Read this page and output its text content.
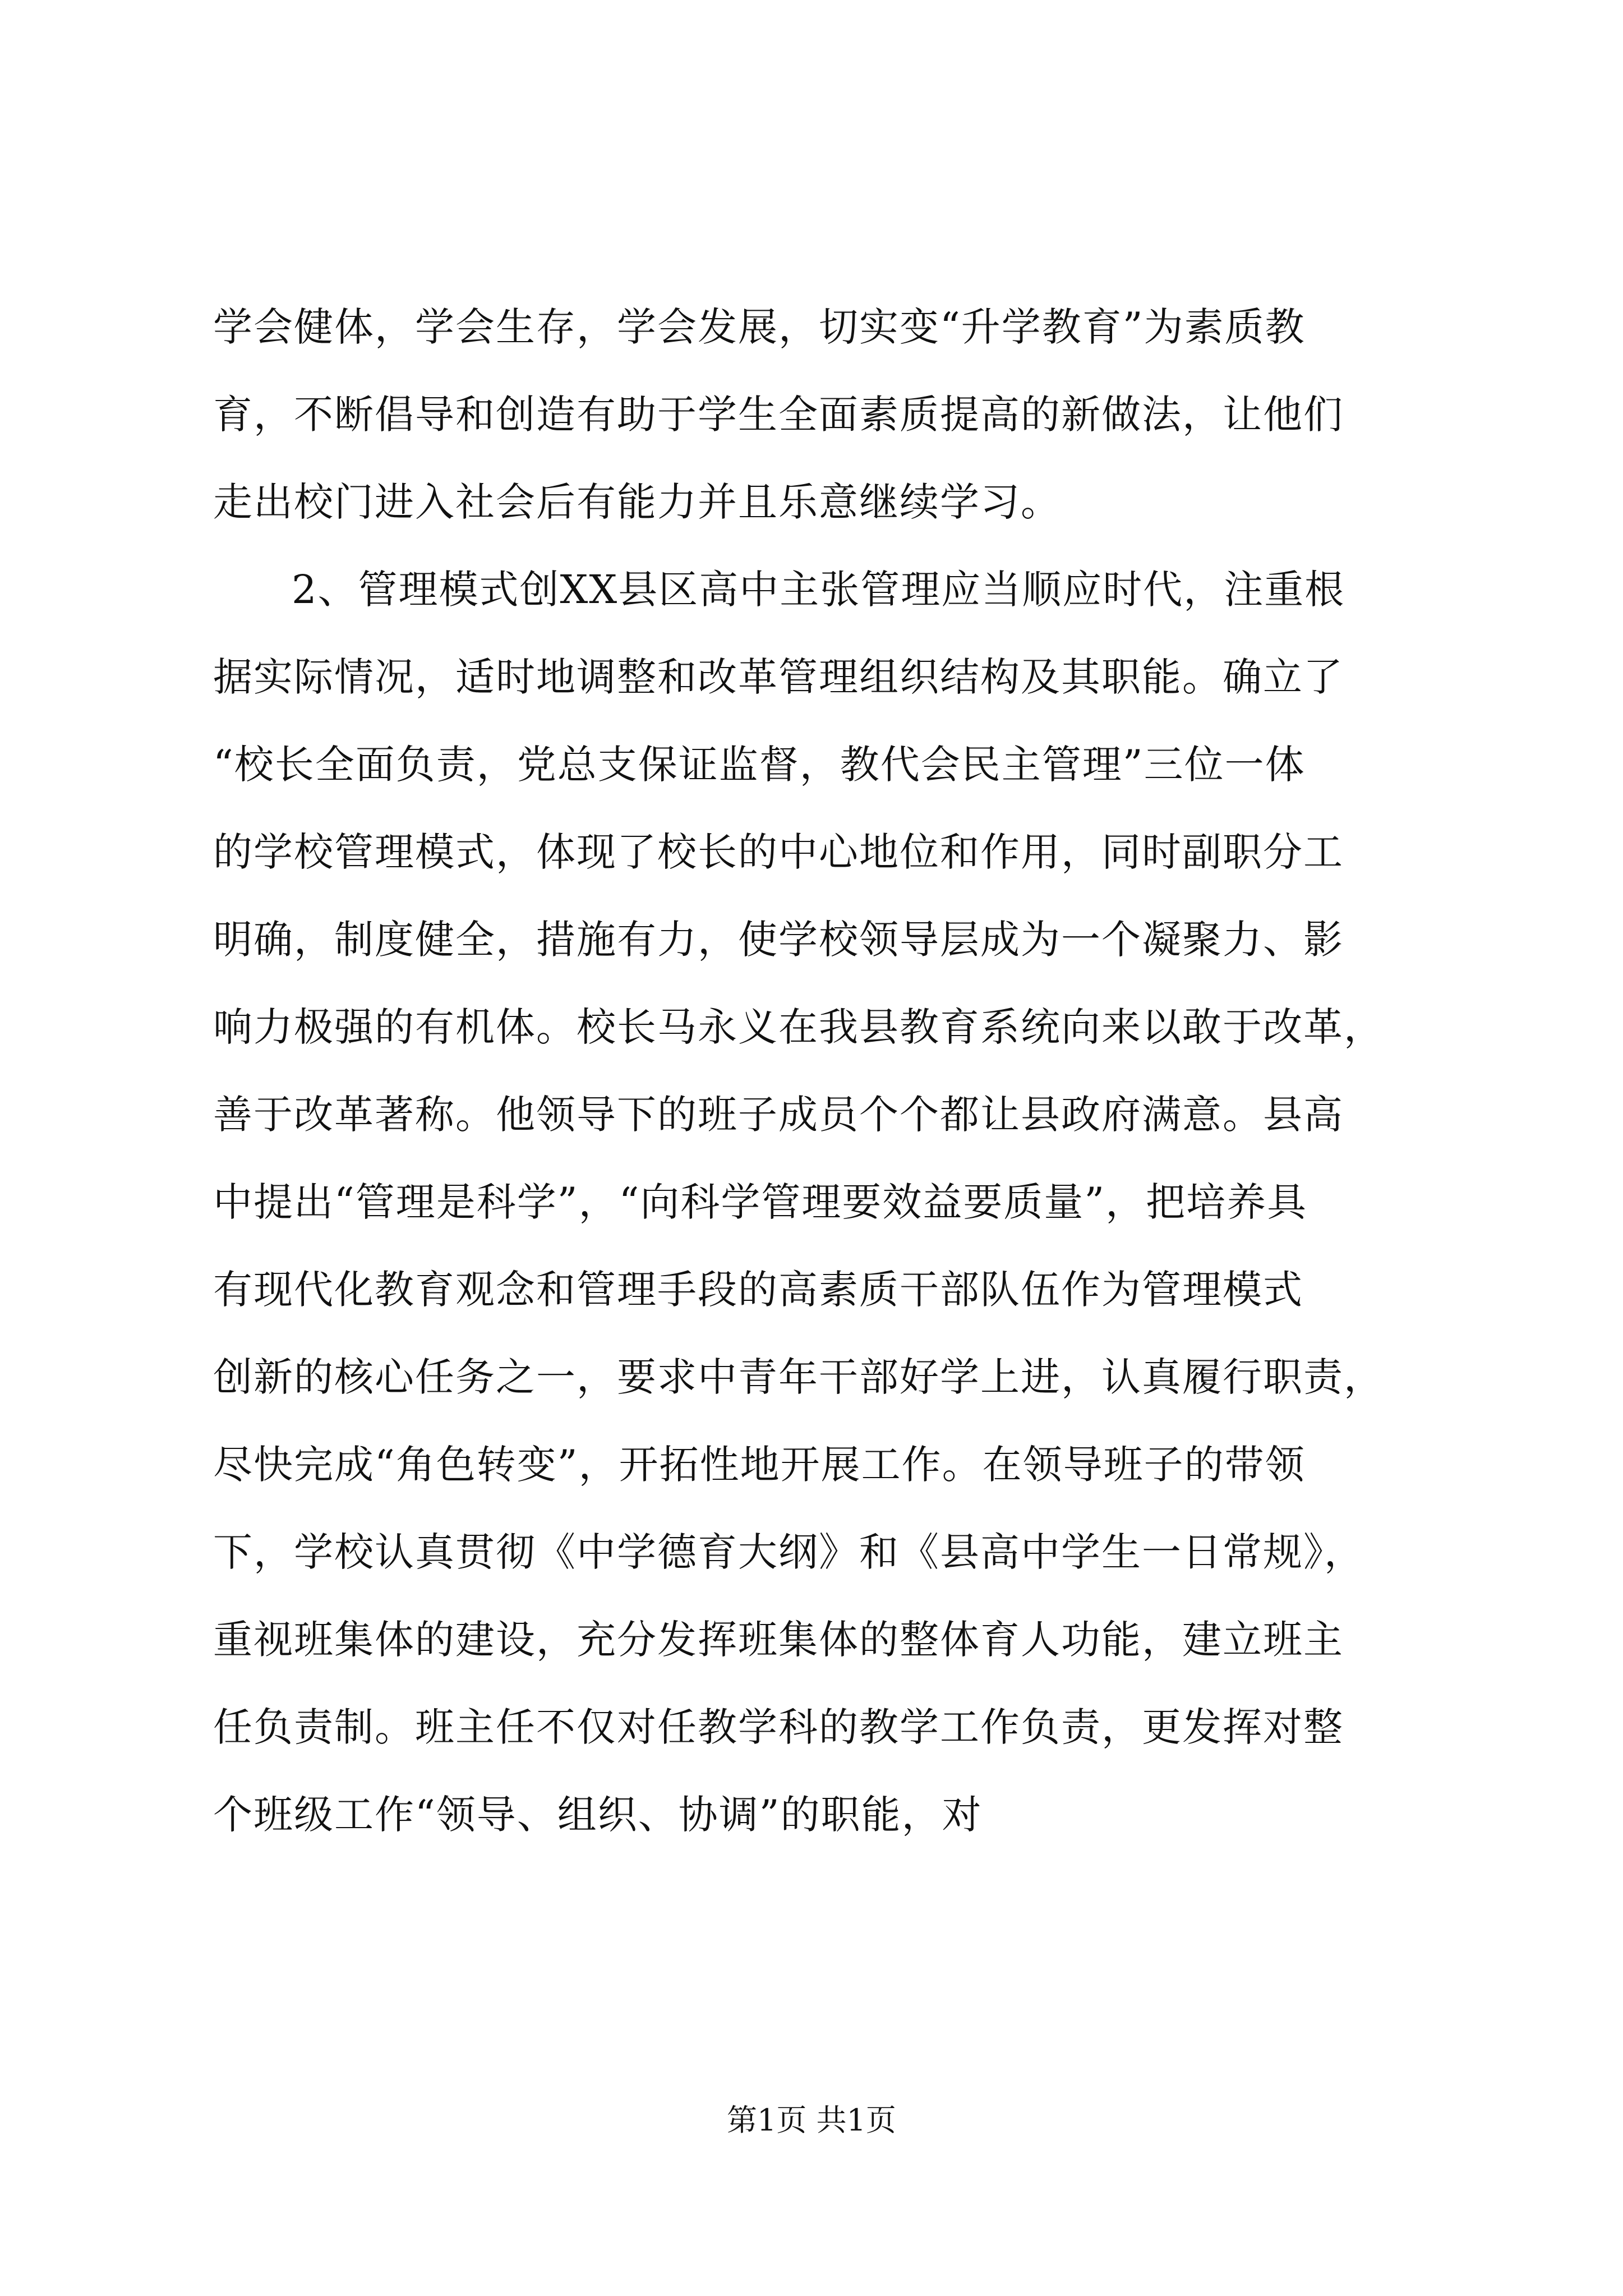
学会健体，学会生存，学会发展，切实变“升学教育”为素质教
育，不断倡导和创造有助于学生全面素质提高的新做法，让他们
走出校门进入社会后有能力并且乐意继续学习。
2、管理模式创XX县区高中主张管理应当顺应时代，注重根
据实际情况，适时地调整和改革管理组织结构及其职能。确立了
“校长全面负责，党总支保证监督，教代会民主管理”三位一体
的学校管理模式，体现了校长的中心地位和作用，同时副职分工
明确，制度健全，措施有力，使学校领导层成为一个凝聚力、影
响力极强的有机体。校长马永义在我县教育系统向来以敢于改革，
善于改革著称。他领导下的班子成员个个都让县政府满意。县高
中提出“管理是科学”，“向科学管理要效益要质量”，把培养具
有现代化教育观念和管理手段的高素质干部队伍作为管理模式
创新的核心任务之一，要求中青年干部好学上进，认真履行职责，
尽快完成“角色转变”，开拓性地开展工作。在领导班子的带领
下，学校认真贯彻《中学德育大纲》和《县高中学生一日常规》，
重视班集体的建设，充分发挥班集体的整体育人功能，建立班主
任负责制。班主任不仅对任教学科的教学工作负责，更发挥对整
个班级工作“领导、组织、协调”的职能，对
第1页 共1页
